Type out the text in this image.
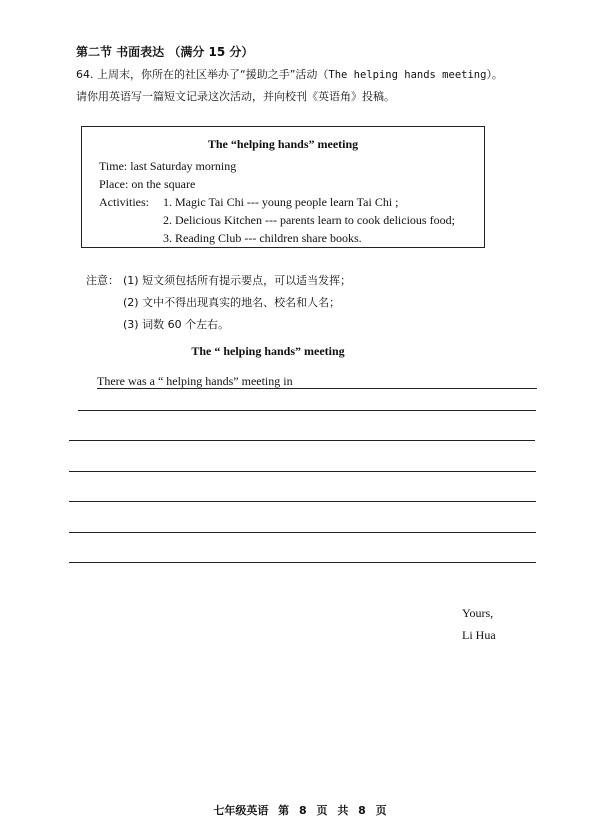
第二节 书面表达 （满分 15 分）
64. 上周末，你所在的社区举办了“援助之手”活动（The helping hands meeting）。
请你用英语写一篇短文记录这次活动，并向校刊《英语角》投稿。
The “helping hands” meeting
Time: last Saturday morning
Place: on the square
Activities: 1. Magic Tai Chi --- young people learn Tai Chi ;
2. Delicious Kitchen --- parents learn to cook delicious food;
3. Reading Club --- children share books.
注意： (1) 短文须包括所有提示要点，可以适当发挥；
(2) 文中不得出现真实的地名、校名和人名；
(3) 词数 60 个左右。
The “ helping hands” meeting
There was a “ helping hands” meeting in
Yours,
Li Hua
七年级英语 第 8 页 共 8 页
